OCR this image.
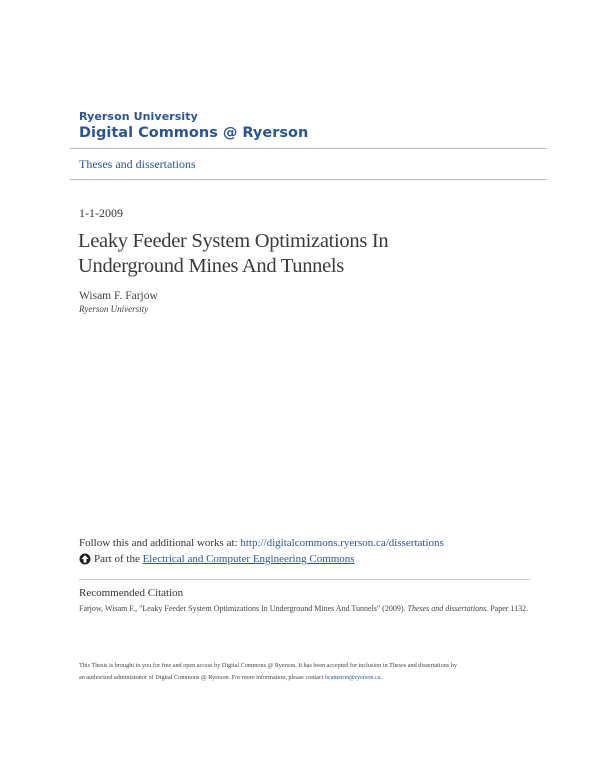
Ryerson University
Digital Commons @ Ryerson
Theses and dissertations
1-1-2009
Leaky Feeder System Optimizations In
Underground Mines And Tunnels
Wisam F. Farjow
Ryerson University
Follow this and additional works at: http://digitalcommons.ryerson.ca/dissertations
Part of the Electrical and Computer Engineering Commons
Recommended Citation
Farjow, Wisam F., "Leaky Feeder System Optimizations In Underground Mines And Tunnels" (2009). Theses and dissertations. Paper 1132.
This Thesis is brought to you for free and open access by Digital Commons @ Ryerson. It has been accepted for inclusion in Theses and dissertations by
an authorized administrator of Digital Commons @ Ryerson. For more information, please contact bcameron@ryerson.ca.
